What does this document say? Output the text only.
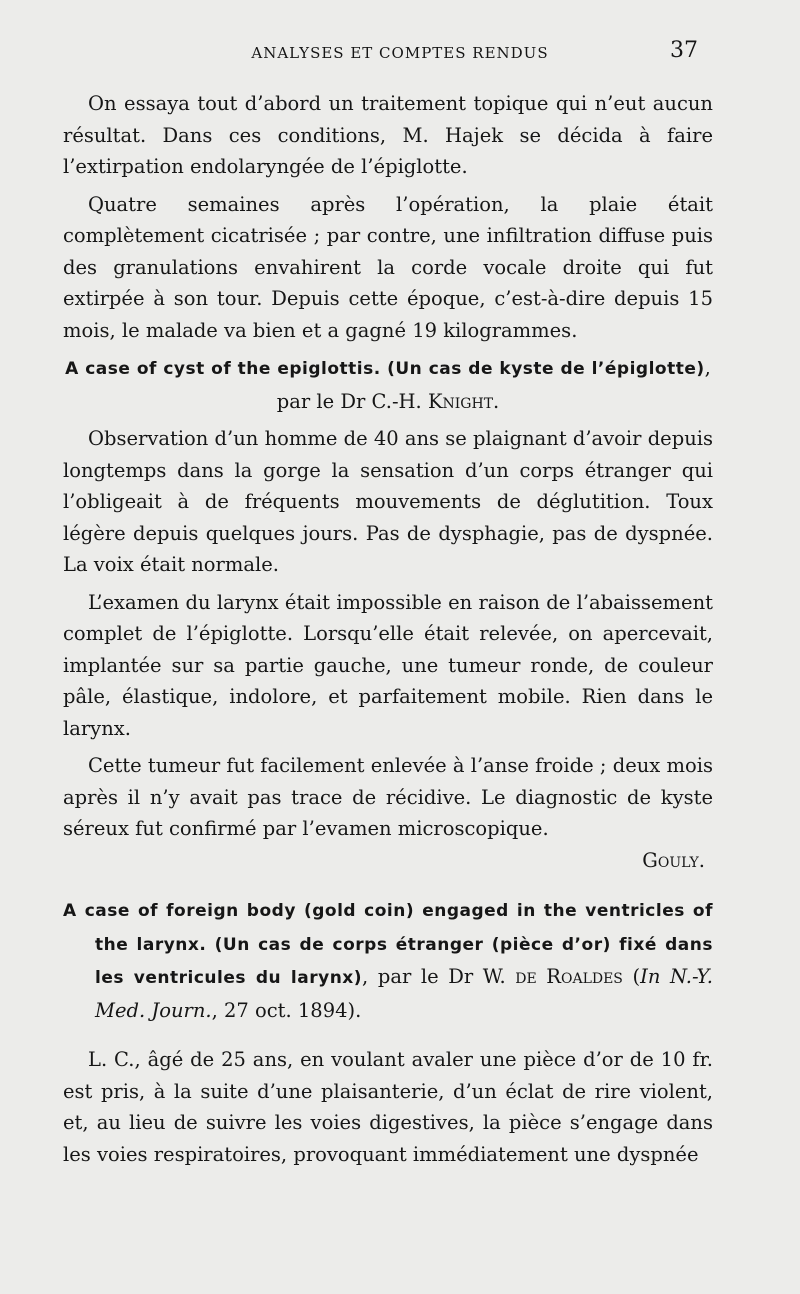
ANALYSES ET COMPTES RENDUS	37

On essaya tout d’abord un traitement topique qui n’eut aucun résultat. Dans ces conditions, M. Hajek se décida à faire l’extirpation endolaryngée de l’épiglotte.

Quatre semaines après l’opération, la plaie était complètement cicatrisée ; par contre, une infiltration diffuse puis des granulations envahirent la corde vocale droite qui fut extirpée à son tour. Depuis cette époque, c’est-à-dire depuis 15 mois, le malade va bien et a gagné 19 kilogrammes.

A case of cyst of the epiglottis. (Un cas de kyste de l’épiglotte), par le Dr C.-H. Knight.

Observation d’un homme de 40 ans se plaignant d’avoir depuis longtemps dans la gorge la sensation d’un corps étranger qui l’obligeait à de fréquents mouvements de déglutition. Toux légère depuis quelques jours. Pas de dysphagie, pas de dyspnée. La voix était normale.

L’examen du larynx était impossible en raison de l’abaissement complet de l’épiglotte. Lorsqu’elle était relevée, on apercevait, implantée sur sa partie gauche, une tumeur ronde, de couleur pâle, élastique, indolore, et parfaitement mobile. Rien dans le larynx.

Cette tumeur fut facilement enlevée à l’anse froide ; deux mois après il n’y avait pas trace de récidive. Le diagnostic de kyste séreux fut confirmé par l’evamen microscopique.

Gouly.

A case of foreign body (gold coin) engaged in the ventricles of the larynx. (Un cas de corps étranger (pièce d’or) fixé dans les ventricules du larynx), par le Dr W. de Roaldes (In N.-Y. Med. Journ., 27 oct. 1894).

L. C., âgé de 25 ans, en voulant avaler une pièce d’or de 10 fr. est pris, à la suite d’une plaisanterie, d’un éclat de rire violent, et, au lieu de suivre les voies digestives, la pièce s’engage dans les voies respiratoires, provoquant immédiatement une dyspnée
